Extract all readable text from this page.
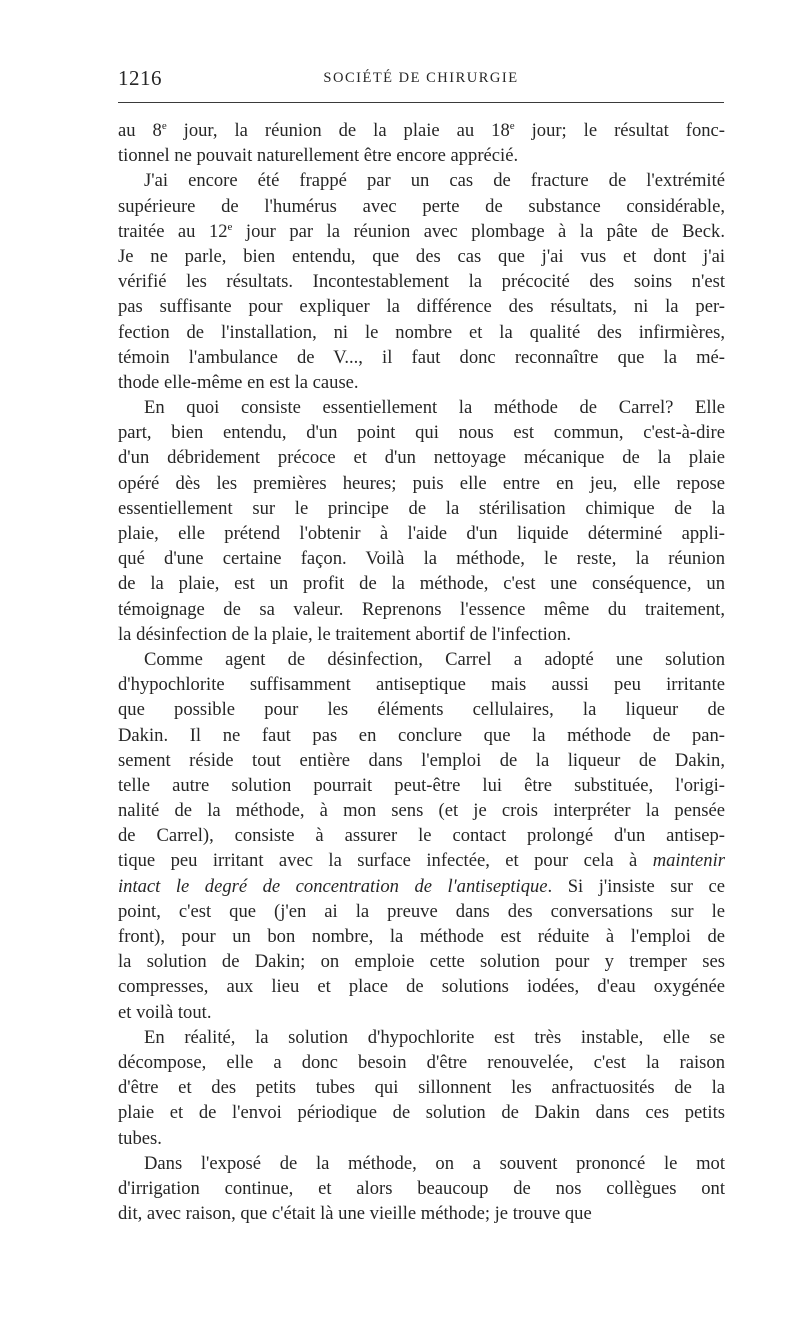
1216	SOCIÉTÉ DE CHIRURGIE
au 8e jour, la réunion de la plaie au 18e jour; le résultat fonc-
tionnel ne pouvait naturellement être encore apprécié.
J'ai encore été frappé par un cas de fracture de l'extrémité
supérieure de l'humérus avec perte de substance considérable,
traitée au 12e jour par la réunion avec plombage à la pâte de Beck.
Je ne parle, bien entendu, que des cas que j'ai vus et dont j'ai
vérifié les résultats. Incontestablement la précocité des soins n'est
pas suffisante pour expliquer la différence des résultats, ni la per-
fection de l'installation, ni le nombre et la qualité des infirmières,
témoin l'ambulance de V..., il faut donc reconnaître que la mé-
thode elle-même en est la cause.
En quoi consiste essentiellement la méthode de Carrel? Elle
part, bien entendu, d'un point qui nous est commun, c'est-à-dire
d'un débridement précoce et d'un nettoyage mécanique de la plaie
opéré dès les premières heures; puis elle entre en jeu, elle repose
essentiellement sur le principe de la stérilisation chimique de la
plaie, elle prétend l'obtenir à l'aide d'un liquide déterminé appli-
qué d'une certaine façon. Voilà la méthode, le reste, la réunion
de la plaie, est un profit de la méthode, c'est une conséquence, un
témoignage de sa valeur. Reprenons l'essence même du traitement,
la désinfection de la plaie, le traitement abortif de l'infection.
Comme agent de désinfection, Carrel a adopté une solution
d'hypochlorite suffisamment antiseptique mais aussi peu irritante
que possible pour les éléments cellulaires, la liqueur de
Dakin. Il ne faut pas en conclure que la méthode de pan-
sement réside tout entière dans l'emploi de la liqueur de Dakin,
telle autre solution pourrait peut-être lui être substituée, l'origi-
nalité de la méthode, à mon sens (et je crois interpréter la pensée
de Carrel), consiste à assurer le contact prolongé d'un antisep-
tique peu irritant avec la surface infectée, et pour cela à maintenir
intact le degré de concentration de l'antiseptique. Si j'insiste sur ce
point, c'est que (j'en ai la preuve dans des conversations sur le
front), pour un bon nombre, la méthode est réduite à l'emploi de
la solution de Dakin; on emploie cette solution pour y tremper ses
compresses, aux lieu et place de solutions iodées, d'eau oxygénée
et voilà tout.
En réalité, la solution d'hypochlorite est très instable, elle se
décompose, elle a donc besoin d'être renouvelée, c'est la raison
d'être et des petits tubes qui sillonnent les anfractuosités de la
plaie et de l'envoi périodique de solution de Dakin dans ces petits
tubes.
Dans l'exposé de la méthode, on a souvent prononcé le mot
d'irrigation continue, et alors beaucoup de nos collègues ont
dit, avec raison, que c'était là une vieille méthode; je trouve que
